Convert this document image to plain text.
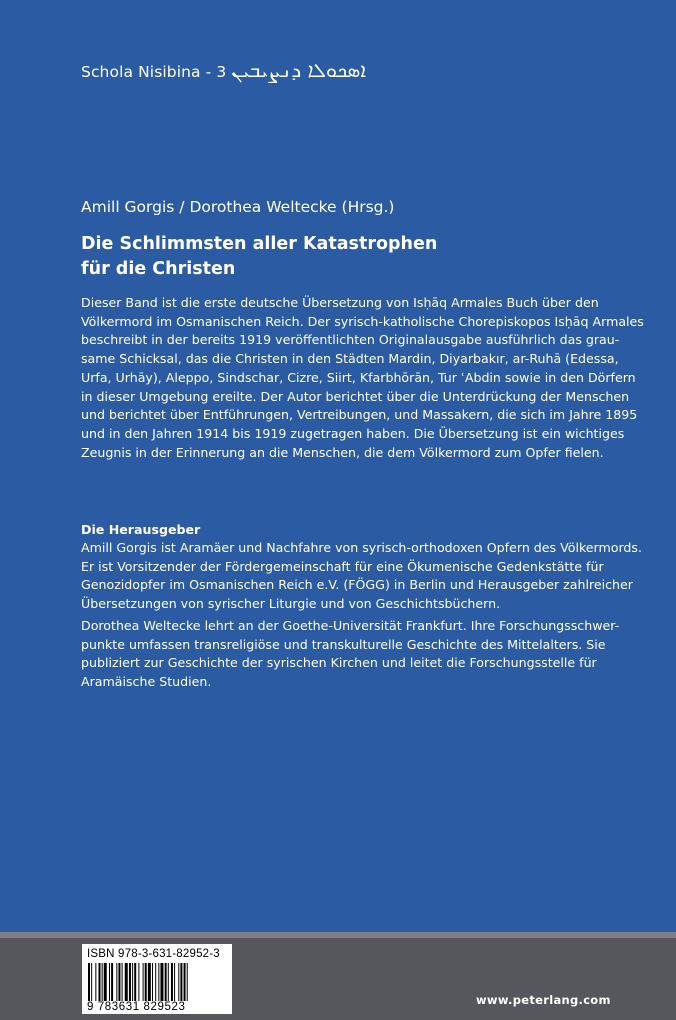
Schola Nisibina - ܐܣܟܘܠܐ ܕܢܨܝܒܝܢ 3
Amill Gorgis / Dorothea Weltecke (Hrsg.)
Die Schlimmsten aller Katastrophen
für die Christen
Dieser Band ist die erste deutsche Übersetzung von Isḥāq Armales Buch über den
Völkermord im Osmanischen Reich. Der syrisch-katholische Chorepiskopos Isḥāq Armales
beschreibt in der bereits 1919 veröffentlichten Originalausgabe ausführlich das grau-
same Schicksal, das die Christen in den Städten Mardin, Diyarbakır, ar-Ruhā (Edessa,
Urfa, Urhāy), Aleppo, Sindschar, Cizre, Siirt, Kfarbhōrān, Tur ʿAbdin sowie in den Dörfern
in dieser Umgebung ereilte. Der Autor berichtet über die Unterdrückung der Menschen
und berichtet über Entführungen, Vertreibungen, und Massakern, die sich im Jahre 1895
und in den Jahren 1914 bis 1919 zugetragen haben. Die Übersetzung ist ein wichtiges
Zeugnis in der Erinnerung an die Menschen, die dem Völkermord zum Opfer fielen.
Die Herausgeber
Amill Gorgis ist Aramäer und Nachfahre von syrisch-orthodoxen Opfern des Völkermords.
Er ist Vorsitzender der Fördergemeinschaft für eine Ökumenische Gedenkstätte für
Genozidopfer im Osmanischen Reich e.V. (FÖGG) in Berlin und Herausgeber zahlreicher
Übersetzungen von syrischer Liturgie und von Geschichtsbüchern.
Dorothea Weltecke lehrt an der Goethe-Universität Frankfurt. Ihre Forschungsschwer-
punkte umfassen transreligiöse und transkulturelle Geschichte des Mittelalters. Sie
publiziert zur Geschichte der syrischen Kirchen und leitet die Forschungsstelle für
Aramäische Studien.
ISBN 978-3-631-82952-3
9 783631 829523	www.peterlang.com
